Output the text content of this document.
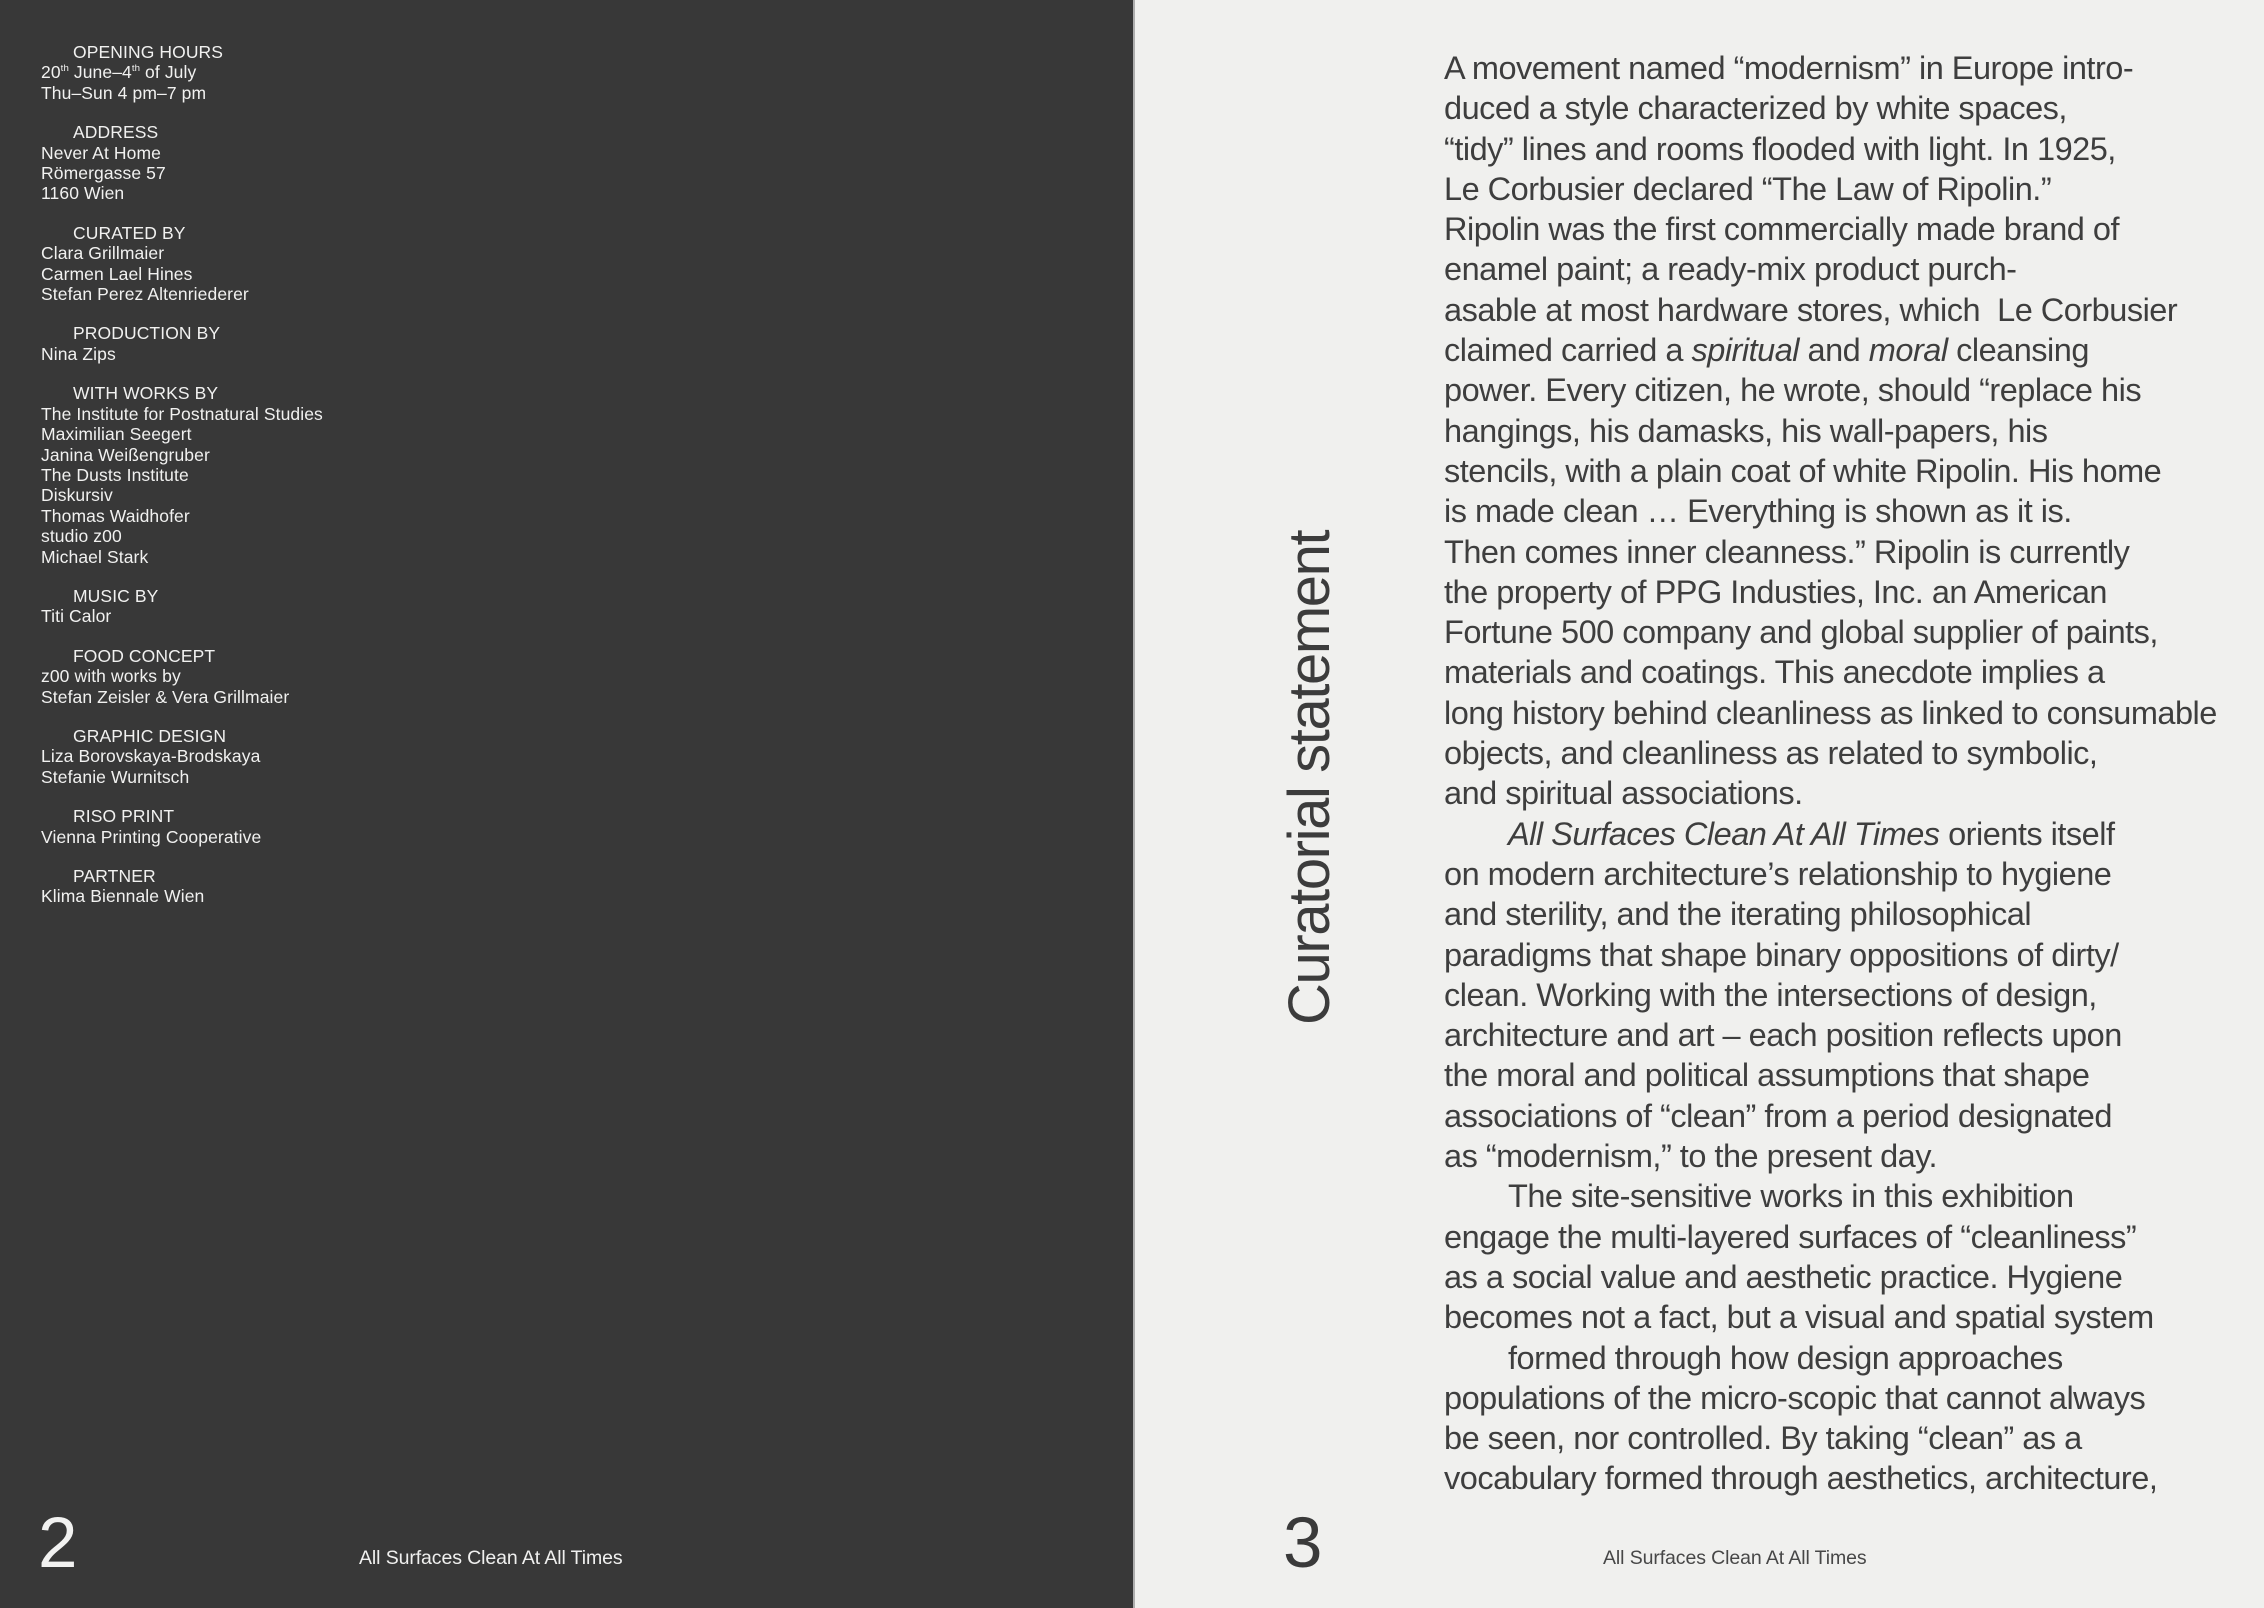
OPENING HOURS
20th June–4th of July
Thu–Sun 4 pm–7 pm
ADDRESS
Never At Home
Römergasse 57
1160 Wien
CURATED BY
Clara Grillmaier
Carmen Lael Hines
Stefan Perez Altenriederer
PRODUCTION BY
Nina Zips
WITH WORKS BY
The Institute for Postnatural Studies
Maximilian Seegert
Janina Weißengruber
The Dusts Institute
Diskursiv
Thomas Waidhofer
studio z00
Michael Stark
MUSIC BY
Titi Calor
FOOD CONCEPT
z00 with works by
Stefan Zeisler & Vera Grillmaier
GRAPHIC DESIGN
Liza Borovskaya-Brodskaya
Stefanie Wurnitsch
RISO PRINT
Vienna Printing Cooperative
PARTNER
Klima Biennale Wien
2	All Surfaces Clean At All Times
Curatorial statement
A movement named “modernism” in Europe intro-
duced a style characterized by white spaces,
“tidy” lines and rooms flooded with light. In 1925,
Le Corbusier declared “The Law of Ripolin.”
Ripolin was the first commercially made brand of
enamel paint; a ready-mix product purch-
asable at most hardware stores, which  Le Corbusier
claimed carried a spiritual and moral cleansing
power. Every citizen, he wrote, should “replace his
hangings, his damasks, his wall-papers, his
stencils, with a plain coat of white Ripolin. His home
is made clean … Everything is shown as it is.
Then comes inner cleanness.” Ripolin is currently
the property of PPG Industies, Inc. an American
Fortune 500 company and global supplier of paints,
materials and coatings. This anecdote implies a
long history behind cleanliness as linked to consumable
objects, and cleanliness as related to symbolic,
and spiritual associations.
All Surfaces Clean At All Times orients itself
on modern architecture’s relationship to hygiene
and sterility, and the iterating philosophical
paradigms that shape binary oppositions of dirty/
clean. Working with the intersections of design,
architecture and art – each position reflects upon
the moral and political assumptions that shape
associations of “clean” from a period designated
as “modernism,” to the present day.
The site-sensitive works in this exhibition
engage the multi-layered surfaces of “cleanliness”
as a social value and aesthetic practice. Hygiene
becomes not a fact, but a visual and spatial system
formed through how design approaches
populations of the micro-scopic that cannot always
be seen, nor controlled. By taking “clean” as a
vocabulary formed through aesthetics, architecture,
3	All Surfaces Clean At All Times
